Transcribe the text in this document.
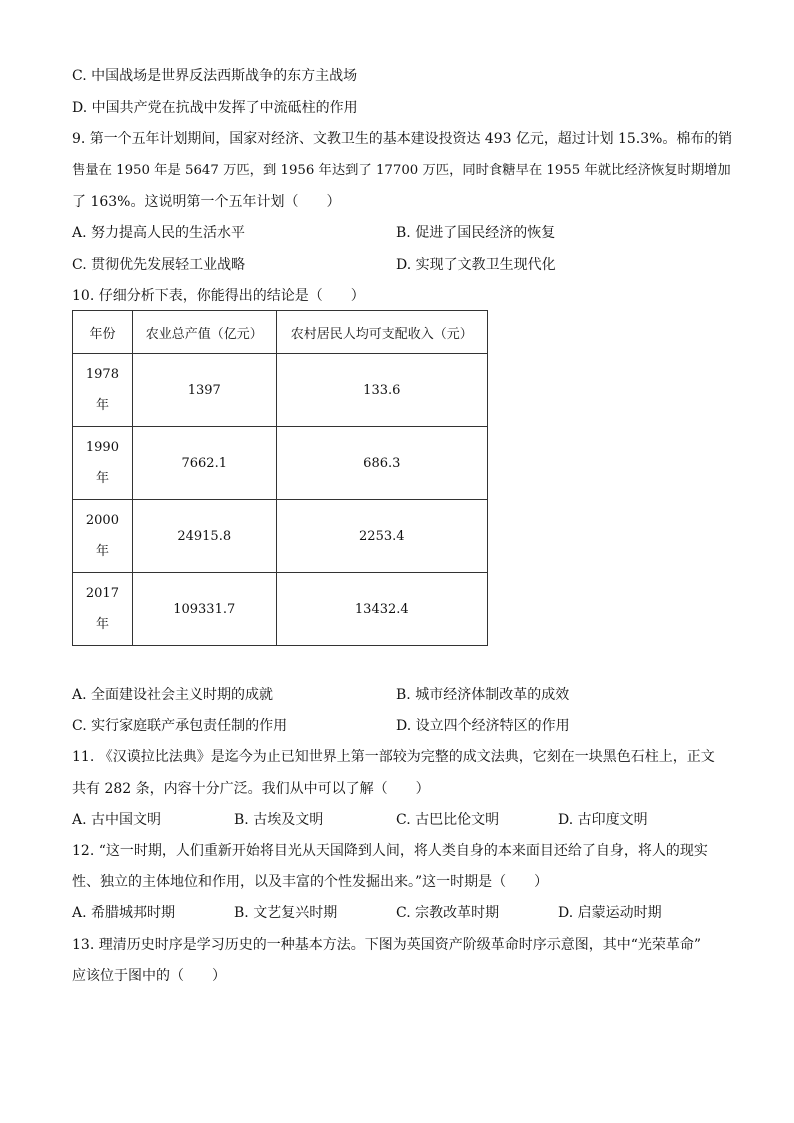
C. 中国战场是世界反法西斯战争的东方主战场
D. 中国共产党在抗战中发挥了中流砥柱的作用
9. 第一个五年计划期间，国家对经济、文教卫生的基本建设投资达 493 亿元，超过计划 15.3%。棉布的销
售量在 1950 年是 5647 万匹，到 1956 年达到了 17700 万匹，同时食糖早在 1955 年就比经济恢复时期增加
了 163%。这说明第一个五年计划（　　）
A. 努力提高人民的生活水平	B. 促进了国民经济的恢复
C. 贯彻优先发展轻工业战略	D. 实现了文教卫生现代化
10. 仔细分析下表，你能得出的结论是（　　）
年份	农业总产值（亿元）	农村居民人均可支配收入（元）

1978
年	1397	133.6

1990
年	7662.1	686.3

2000
年	24915.8	2253.4

2017
年	109331.7	13432.4
A. 全面建设社会主义时期的成就	B. 城市经济体制改革的成效
C. 实行家庭联产承包责任制的作用	D. 设立四个经济特区的作用
11. 《汉谟拉比法典》是迄今为止已知世界上第一部较为完整的成文法典，它刻在一块黑色石柱上，正文
共有 282 条，内容十分广泛。我们从中可以了解（　　）
A. 古中国文明	B. 古埃及文明	C. 古巴比伦文明	D. 古印度文明
12. “这一时期，人们重新开始将目光从天国降到人间，将人类自身的本来面目还给了自身，将人的现实
性、独立的主体地位和作用，以及丰富的个性发掘出来。”这一时期是（　　）
A. 希腊城邦时期	B. 文艺复兴时期	C. 宗教改革时期	D. 启蒙运动时期
13. 理清历史时序是学习历史的一种基本方法。下图为英国资产阶级革命时序示意图，其中“光荣革命”
应该位于图中的（　　）
